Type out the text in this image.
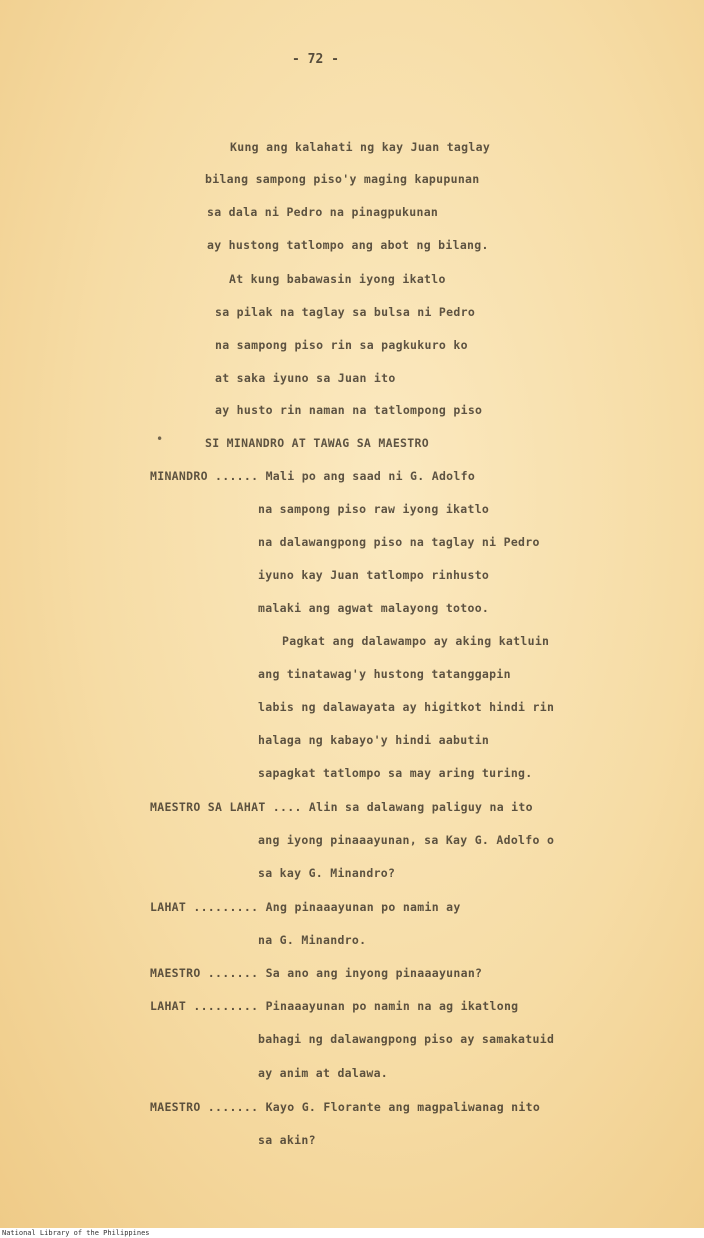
- 72 -
Kung ang kalahati ng kay Juan taglay
bilang sampong piso'y maging kapupunan
sa dala ni Pedro na pinagpukunan
ay hustong tatlompo ang abot ng bilang.
At kung babawasin iyong ikatlo
sa pilak na taglay sa bulsa ni Pedro
na sampong piso rin sa pagkukuro ko
at saka iyuno sa Juan ito
ay husto rin naman na tatlompong piso
•	SI MINANDRO AT TAWAG SA MAESTRO
MINANDRO ...... Mali po ang saad ni G. Adolfo
na sampong piso raw iyong ikatlo
na dalawangpong piso na taglay ni Pedro
iyuno kay Juan tatlompo rinhusto
malaki ang agwat malayong totoo.
Pagkat ang dalawampo ay aking katluin
ang tinatawag'y hustong tatanggapin
labis ng dalawayata ay higitkot hindi rin
halaga ng kabayo'y hindi aabutin
sapagkat tatlompo sa may aring turing.
MAESTRO SA LAHAT .... Alin sa dalawang paliguy na ito
ang iyong pinaaayunan, sa Kay G. Adolfo o
sa kay G. Minandro?
LAHAT ......... Ang pinaaayunan po namin ay
na G. Minandro.
MAESTRO ....... Sa ano ang inyong pinaaayunan?
LAHAT ......... Pinaaayunan po namin na ag ikatlong
bahagi ng dalawangpong piso ay samakatuid
ay anim at dalawa.
MAESTRO ....... Kayo G. Florante ang magpaliwanag nito
sa akin?
National Library of the Philippines
